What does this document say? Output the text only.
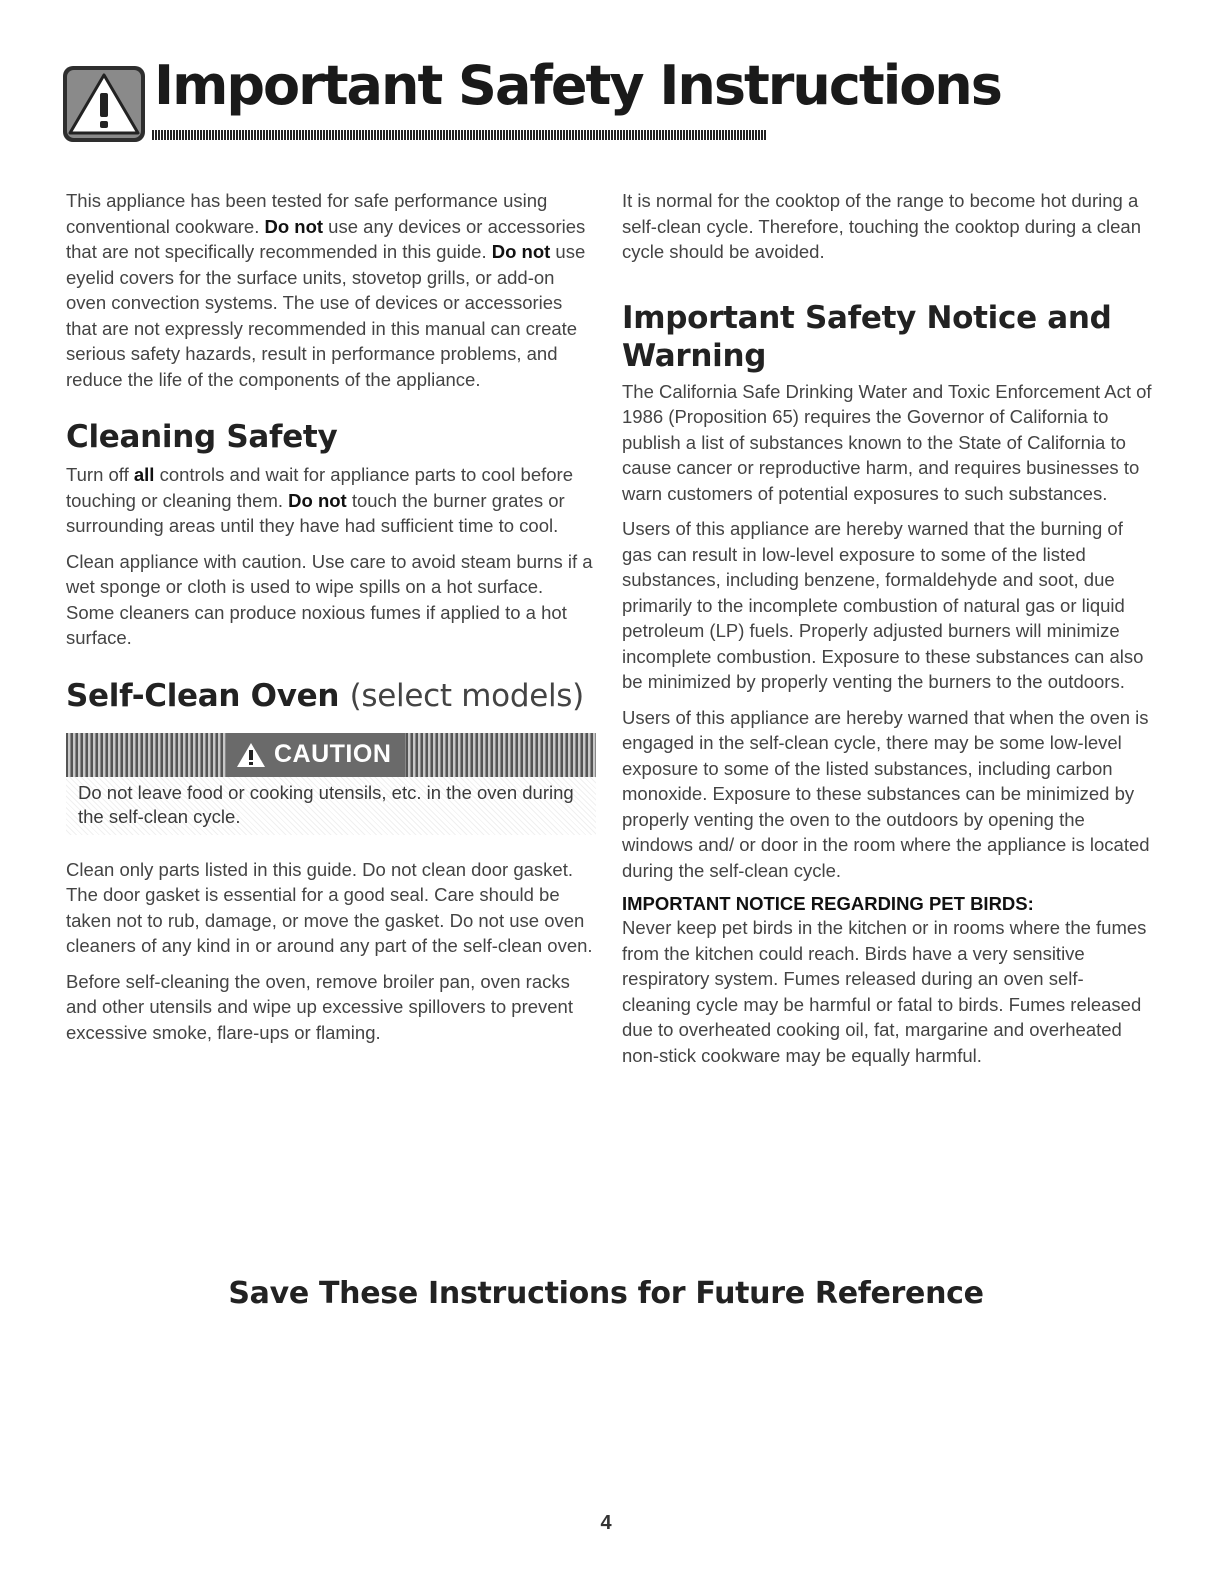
Important Safety Instructions

This appliance has been tested for safe performance using conventional cookware. Do not use any devices or accessories that are not specifically recommended in this guide. Do not use eyelid covers for the surface units, stovetop grills, or add-on oven convection systems. The use of devices or accessories that are not expressly recommended in this manual can create serious safety hazards, result in performance problems, and reduce the life of the components of the appliance.

Cleaning Safety

Turn off all controls and wait for appliance parts to cool before touching or cleaning them. Do not touch the burner grates or surrounding areas until they have had sufficient time to cool.

Clean appliance with caution. Use care to avoid steam burns if a wet sponge or cloth is used to wipe spills on a hot surface. Some cleaners can produce noxious fumes if applied to a hot surface.

Self-Clean Oven (select models)
CAUTION
Do not leave food or cooking utensils, etc. in the oven during the self-clean cycle.

Clean only parts listed in this guide. Do not clean door gasket. The door gasket is essential for a good seal. Care should be taken not to rub, damage, or move the gasket. Do not use oven cleaners of any kind in or around any part of the self-clean oven.

Before self-cleaning the oven, remove broiler pan, oven racks and other utensils and wipe up excessive spillovers to prevent excessive smoke, flare-ups or flaming.

It is normal for the cooktop of the range to become hot during a self-clean cycle. Therefore, touching the cooktop during a clean cycle should be avoided.

Important Safety Notice and Warning

The California Safe Drinking Water and Toxic Enforcement Act of 1986 (Proposition 65) requires the Governor of California to publish a list of substances known to the State of California to cause cancer or reproductive harm, and requires businesses to warn customers of potential exposures to such substances.

Users of this appliance are hereby warned that the burning of gas can result in low-level exposure to some of the listed substances, including benzene, formaldehyde and soot, due primarily to the incomplete combustion of natural gas or liquid petroleum (LP) fuels. Properly adjusted burners will minimize incomplete combustion. Exposure to these substances can also be minimized by properly venting the burners to the outdoors.

Users of this appliance are hereby warned that when the oven is engaged in the self-clean cycle, there may be some low-level exposure to some of the listed substances, including carbon monoxide. Exposure to these substances can be minimized by properly venting the oven to the outdoors by opening the windows and/ or door in the room where the appliance is located during the self-clean cycle.

IMPORTANT NOTICE REGARDING PET BIRDS:

Never keep pet birds in the kitchen or in rooms where the fumes from the kitchen could reach. Birds have a very sensitive respiratory system. Fumes released during an oven self-cleaning cycle may be harmful or fatal to birds. Fumes released due to overheated cooking oil, fat, margarine and overheated non-stick cookware may be equally harmful.

Save These Instructions for Future Reference
4
